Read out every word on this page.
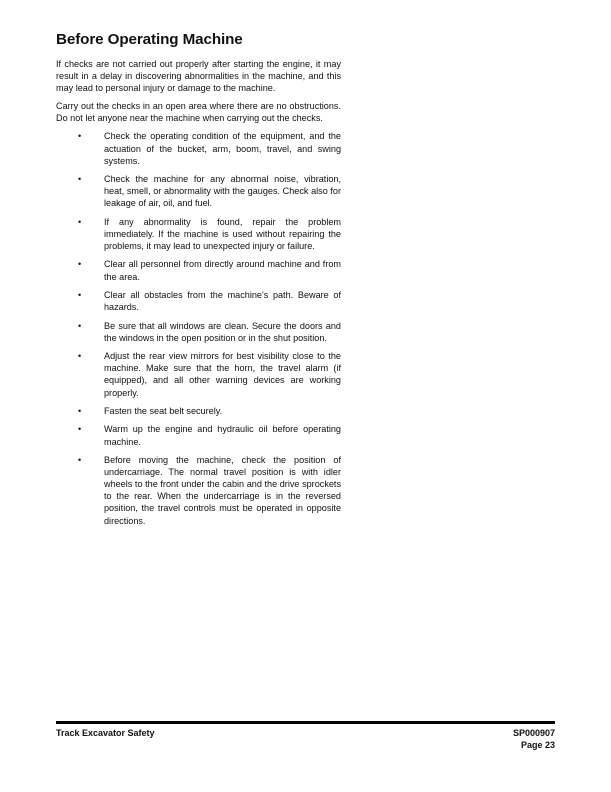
Before Operating Machine

If checks are not carried out properly after starting the engine, it may result in a delay in discovering abnormalities in the machine, and this may lead to personal injury or damage to the machine.

Carry out the checks in an open area where there are no obstructions. Do not let anyone near the machine when carrying out the checks.

•	Check the operating condition of the equipment, and the actuation of the bucket, arm, boom, travel, and swing systems.
•	Check the machine for any abnormal noise, vibration, heat, smell, or abnormality with the gauges. Check also for leakage of air, oil, and fuel.
•	If any abnormality is found, repair the problem immediately. If the machine is used without repairing the problems, it may lead to unexpected injury or failure.
•	Clear all personnel from directly around machine and from the area.
•	Clear all obstacles from the machine's path. Beware of hazards.
•	Be sure that all windows are clean. Secure the doors and the windows in the open position or in the shut position.
•	Adjust the rear view mirrors for best visibility close to the machine. Make sure that the horn, the travel alarm (if equipped), and all other warning devices are working properly.
•	Fasten the seat belt securely.
•	Warm up the engine and hydraulic oil before operating machine.
•	Before moving the machine, check the position of undercarriage. The normal travel position is with idler wheels to the front under the cabin and the drive sprockets to the rear. When the undercarriage is in the reversed position, the travel controls must be operated in opposite directions.
Track Excavator Safety	SP000907
Page 23
